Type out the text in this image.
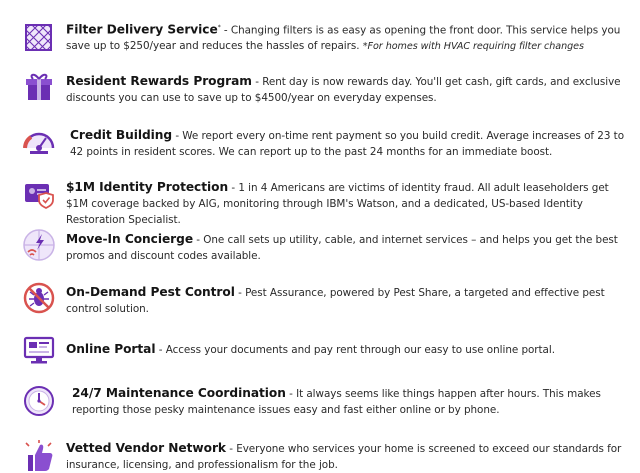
Filter Delivery Service* - Changing filters is as easy as opening the front door. This service helps you save up to $250/year and reduces the hassles of repairs. *For homes with HVAC requiring filter changes
Resident Rewards Program - Rent day is now rewards day. You'll get cash, gift cards, and exclusive discounts you can use to save up to $4500/year on everyday expenses.
Credit Building - We report every on-time rent payment so you build credit. Average increases of 23 to 42 points in resident scores. We can report up to the past 24 months for an immediate boost.
$1M Identity Protection - 1 in 4 Americans are victims of identity fraud. All adult leaseholders get $1M coverage backed by AIG, monitoring through IBM's Watson, and a dedicated, US-based Identity Restoration Specialist.
Move-In Concierge - One call sets up utility, cable, and internet services – and helps you get the best promos and discount codes available.
On-Demand Pest Control - Pest Assurance, powered by Pest Share, a targeted and effective pest control solution.
Online Portal - Access your documents and pay rent through our easy to use online portal.
24/7 Maintenance Coordination - It always seems like things happen after hours. This makes reporting those pesky maintenance issues easy and fast either online or by phone.
Vetted Vendor Network - Everyone who services your home is screened to exceed our standards for insurance, licensing, and professionalism for the job.
